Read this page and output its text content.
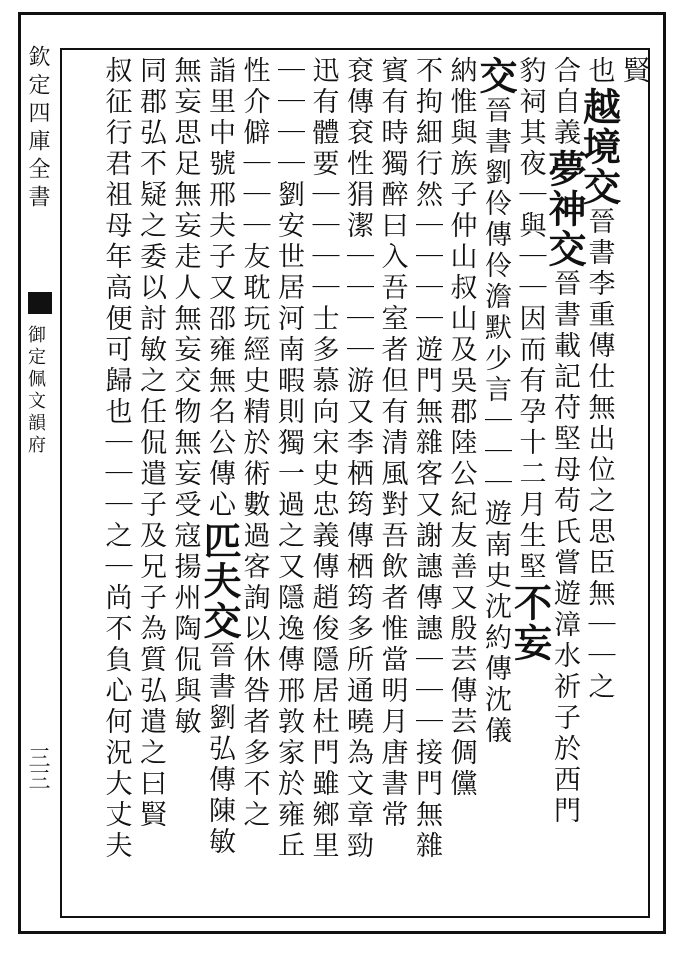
欽定四庫全書
御定佩文韻府
三三
賢
也越境交晉書李重傳仕無出位之思臣無｜｜之
合自義夢神交晉書載記苻堅母苟氏嘗遊漳水祈子於西門
豹祠其夜｜與｜｜因而有孕十二月生堅不妄
交晉書劉伶傳伶澹默少言｜｜｜遊南史沈約傳沈儀
納惟與族子仲山叔山及吳郡陸公紀友善又殷芸傳芸倜儻
不拘細行然｜｜｜｜遊門無雜客又謝譓傳譓｜｜｜接門無雜
賓有時獨醉曰入吾室者但有清風對吾飲者惟當明月唐書常
袞傳袞性狷潔｜｜｜｜游又李栖筠傳栖筠多所通曉為文章勁
迅有體要｜｜｜｜士多慕向宋史忠義傳趙俊隱居杜門雖鄉里
｜｜｜｜劉安世居河南暇則獨一過之又隱逸傳邢敦家於雍丘
性介僻｜｜｜友耽玩經史精於術數過客詢以休咎者多不之
詣里中號邢夫子又邵雍無名公傳心匹夫交晉書劉弘傳陳敏
無妄思足無妄走人無妄交物無妄受寇揚州陶侃與敏
同郡弘不疑之委以討敏之任侃遣子及兄子為質弘遣之曰賢
叔征行君祖母年高便可歸也｜｜｜之｜尚不負心何況大丈夫
